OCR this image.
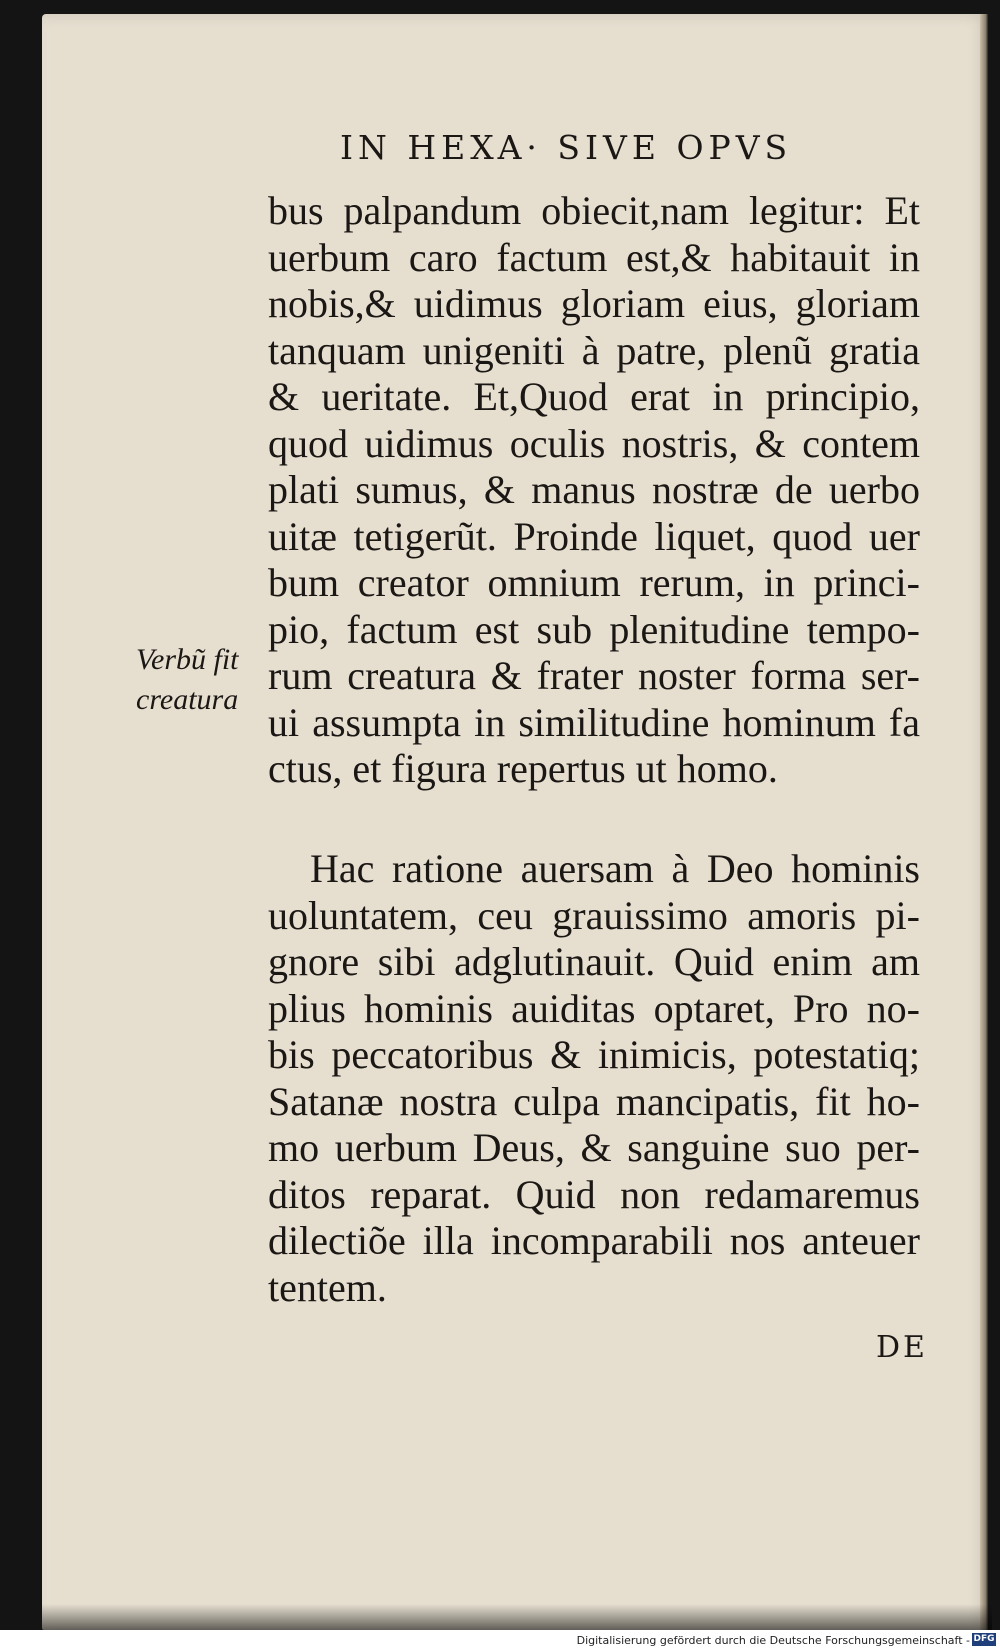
IN HEXA· SIVE OPVS
bus palpandum obiecit,nam legitur: Et
uerbum caro factum est,& habitauit in
nobis,& uidimus gloriam eius, gloriam
tanquam unigeniti à patre, plenũ gratia
& ueritate. Et,Quod erat in principio,
quod uidimus oculis nostris, & contem
plati sumus, & manus nostræ de uerbo
uitæ tetigerũt. Proinde liquet, quod uer
bum creator omnium rerum, in princi-
pio, factum est sub plenitudine tempo-
rum creatura & frater noster forma ser-
ui assumpta in similitudine hominum fa
ctus, et figura repertus ut homo.
Verbũ fit
creatura
Hac ratione auersam à Deo hominis
uoluntatem, ceu grauissimo amoris pi-
gnore sibi adglutinauit. Quid enim am
plius hominis auiditas optaret, Pro no-
bis peccatoribus & inimicis, potestatiq;
Satanæ nostra culpa mancipatis, fit ho-
mo uerbum Deus, & sanguine suo per-
ditos reparat. Quid non redamaremus
dilectiõe illa incomparabili nos anteuer
tentem.
DE
Digitalisierung gefördert durch die Deutsche Forschungsgemeinschaft - DFG
